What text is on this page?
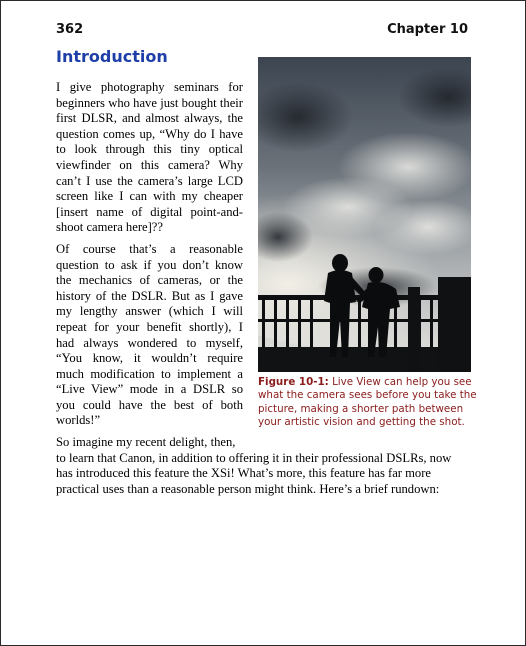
362	Chapter 10
Introduction

I give photography seminars for beginners who have just bought their first DLSR, and almost always, the question comes up, “Why do I have to look through this tiny optical viewfinder on this camera? Why can’t I use the camera’s large LCD screen like I can with my cheaper [insert name of digital point-and-shoot camera here]??

Of course that’s a reasonable question to ask if you don’t know the mechanics of cameras, or the history of the DSLR. But as I gave my lengthy answer (which I will repeat for your benefit shortly), I had always wondered to myself, “You know, it wouldn’t require much modification to implement a “Live View” mode in a DSLR so you could have the best of both worlds!”

Figure 10-1: Live View can help you see what the camera sees before you take the picture, making a shorter path between your artistic vision and getting the shot.
So imagine my recent delight, then,
to learn that Canon, in addition to offering it in their professional DSLRs, now
has introduced this feature the XSi! What’s more, this feature has far more
practical uses than a reasonable person might think. Here’s a brief rundown:
